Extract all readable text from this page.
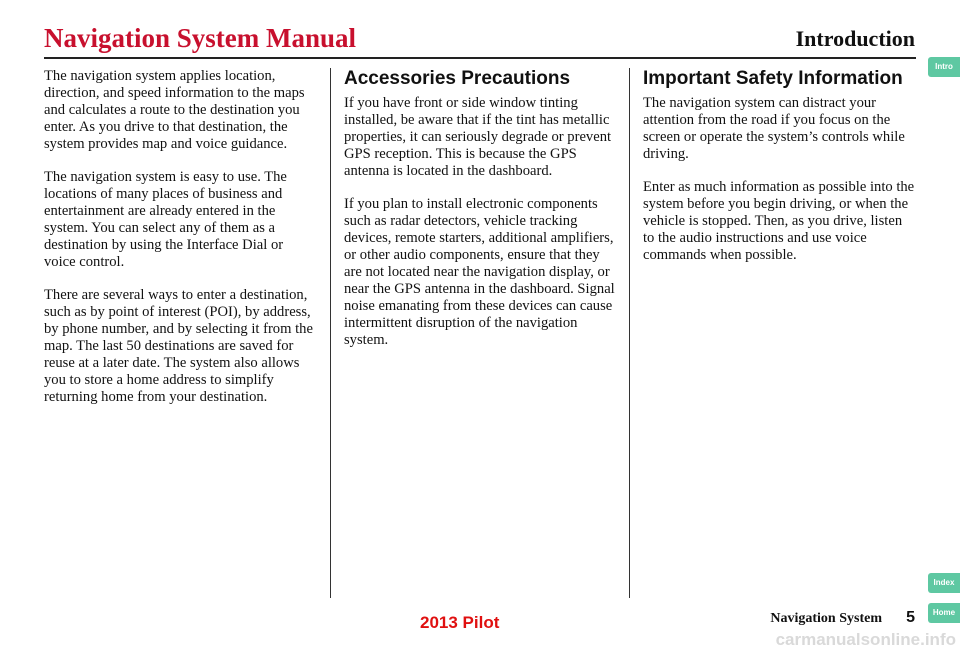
Navigation System Manual	Introduction
Intro

The navigation system applies location, direction, and speed information to the maps and calculates a route to the destination you enter. As you drive to that destination, the system provides map and voice guidance.

The navigation system is easy to use. The locations of many places of business and entertainment are already entered in the system. You can select any of them as a destination by using the Interface Dial or voice control.

There are several ways to enter a destination, such as by point of interest (POI), by address, by phone number, and by selecting it from the map. The last 50 destinations are saved for reuse at a later date. The system also allows you to store a home address to simplify returning home from your destination.

Accessories Precautions

If you have front or side window tinting installed, be aware that if the tint has metallic properties, it can seriously degrade or prevent GPS reception. This is because the GPS antenna is located in the dashboard.

If you plan to install electronic components such as radar detectors, vehicle tracking devices, remote starters, additional amplifiers, or other audio components, ensure that they are not located near the navigation display, or near the GPS antenna in the dashboard. Signal noise emanating from these devices can cause intermittent disruption of the navigation system.

Important Safety Information

The navigation system can distract your attention from the road if you focus on the screen or operate the system’s controls while driving.

Enter as much information as possible into the system before you begin driving, or when the vehicle is stopped. Then, as you drive, listen to the audio instructions and use voice commands when possible.

Index
Home
2013 Pilot	Navigation System 5
carmanualsonline.info
